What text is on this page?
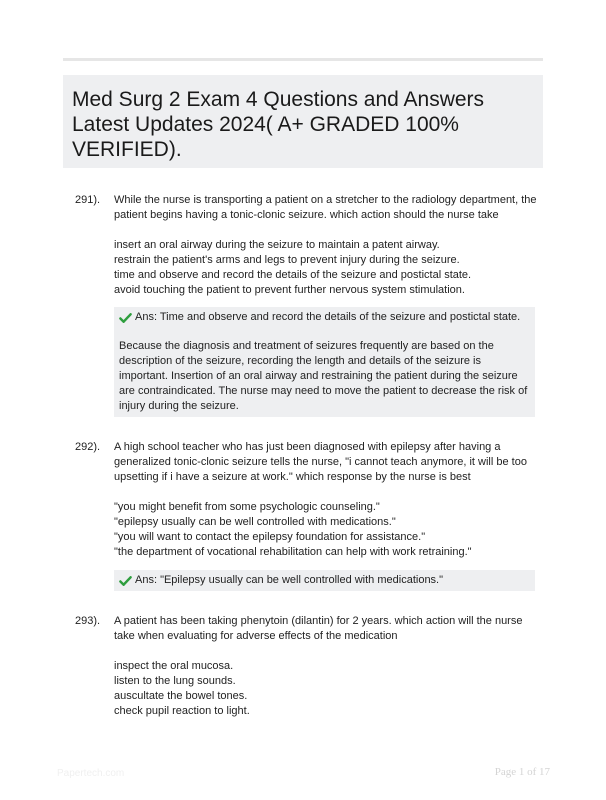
Med Surg 2 Exam 4 Questions and Answers Latest Updates 2024( A+ GRADED 100% VERIFIED).
291). While the nurse is transporting a patient on a stretcher to the radiology department, the patient begins having a tonic-clonic seizure. which action should the nurse take
insert an oral airway during the seizure to maintain a patent airway.
restrain the patient's arms and legs to prevent injury during the seizure.
time and observe and record the details of the seizure and postictal state.
avoid touching the patient to prevent further nervous system stimulation.
Ans: Time and observe and record the details of the seizure and postictal state.
Because the diagnosis and treatment of seizures frequently are based on the description of the seizure, recording the length and details of the seizure is important. Insertion of an oral airway and restraining the patient during the seizure are contraindicated. The nurse may need to move the patient to decrease the risk of injury during the seizure.
292). A high school teacher who has just been diagnosed with epilepsy after having a generalized tonic-clonic seizure tells the nurse, "i cannot teach anymore, it will be too upsetting if i have a seizure at work." which response by the nurse is best
"you might benefit from some psychologic counseling."
"epilepsy usually can be well controlled with medications."
"you will want to contact the epilepsy foundation for assistance."
"the department of vocational rehabilitation can help with work retraining."
Ans: "Epilepsy usually can be well controlled with medications."
293). A patient has been taking phenytoin (dilantin) for 2 years. which action will the nurse take when evaluating for adverse effects of the medication
inspect the oral mucosa.
listen to the lung sounds.
auscultate the bowel tones.
check pupil reaction to light.
Papertech.com	Page 1 of 17
